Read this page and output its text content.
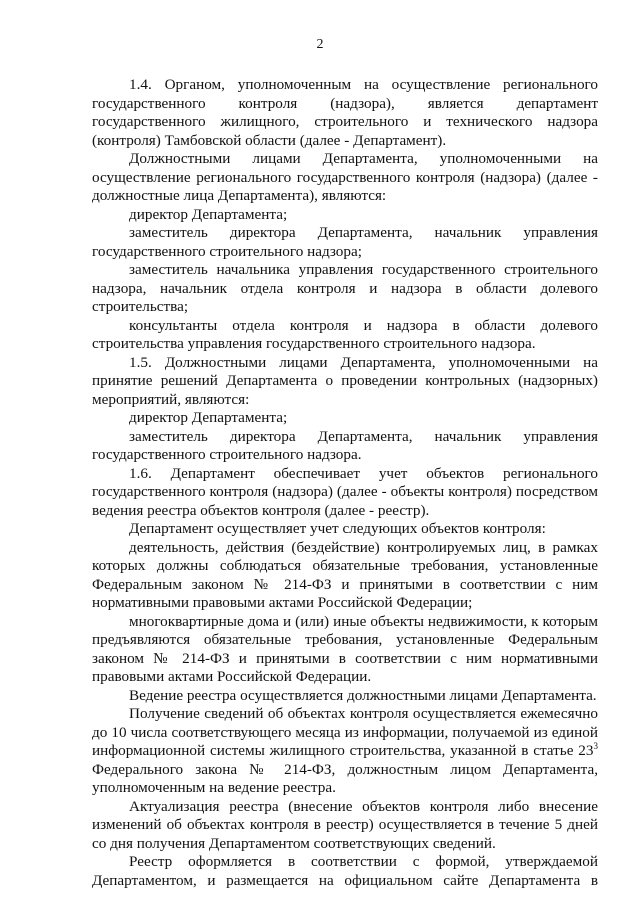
2

1.4. Органом, уполномоченным на осуществление регионального государственного контроля (надзора), является департамент государственного жилищного, строительного и технического надзора (контроля) Тамбовской области (далее - Департамент).

Должностными лицами Департамента, уполномоченными на осуществление регионального государственного контроля (надзора) (далее - должностные лица Департамента), являются:

директор Департамента;

заместитель директора Департамента, начальник управления государственного строительного надзора;

заместитель начальника управления государственного строительного надзора, начальник отдела контроля и надзора в области долевого строительства;

консультанты отдела контроля и надзора в области долевого строительства управления государственного строительного надзора.

1.5. Должностными лицами Департамента, уполномоченными на принятие решений Департамента о проведении контрольных (надзорных) мероприятий, являются:

директор Департамента;

заместитель директора Департамента, начальник управления государственного строительного надзора.

1.6. Департамент обеспечивает учет объектов регионального государственного контроля (надзора) (далее - объекты контроля) посредством ведения реестра объектов контроля (далее - реестр).

Департамент осуществляет учет следующих объектов контроля:

деятельность, действия (бездействие) контролируемых лиц, в рамках которых должны соблюдаться обязательные требования, установленные Федеральным законом № 214-ФЗ и принятыми в соответствии с ним нормативными правовыми актами Российской Федерации;

многоквартирные дома и (или) иные объекты недвижимости, к которым предъявляются обязательные требования, установленные Федеральным законом № 214-ФЗ и принятыми в соответствии с ним нормативными правовыми актами Российской Федерации.

Ведение реестра осуществляется должностными лицами Департамента.

Получение сведений об объектах контроля осуществляется ежемесячно до 10 числа соответствующего месяца из информации, получаемой из единой информационной системы жилищного строительства, указанной в статье $23^3$ Федерального закона № 214-ФЗ, должностным лицом Департамента, уполномоченным на ведение реестра.

Актуализация реестра (внесение объектов контроля либо внесение изменений об объектах контроля в реестр) осуществляется в течение 5 дней со дня получения Департаментом соответствующих сведений.

Реестр оформляется в соответствии с формой, утверждаемой Департаментом, и размещается на официальном сайте Департамента в
